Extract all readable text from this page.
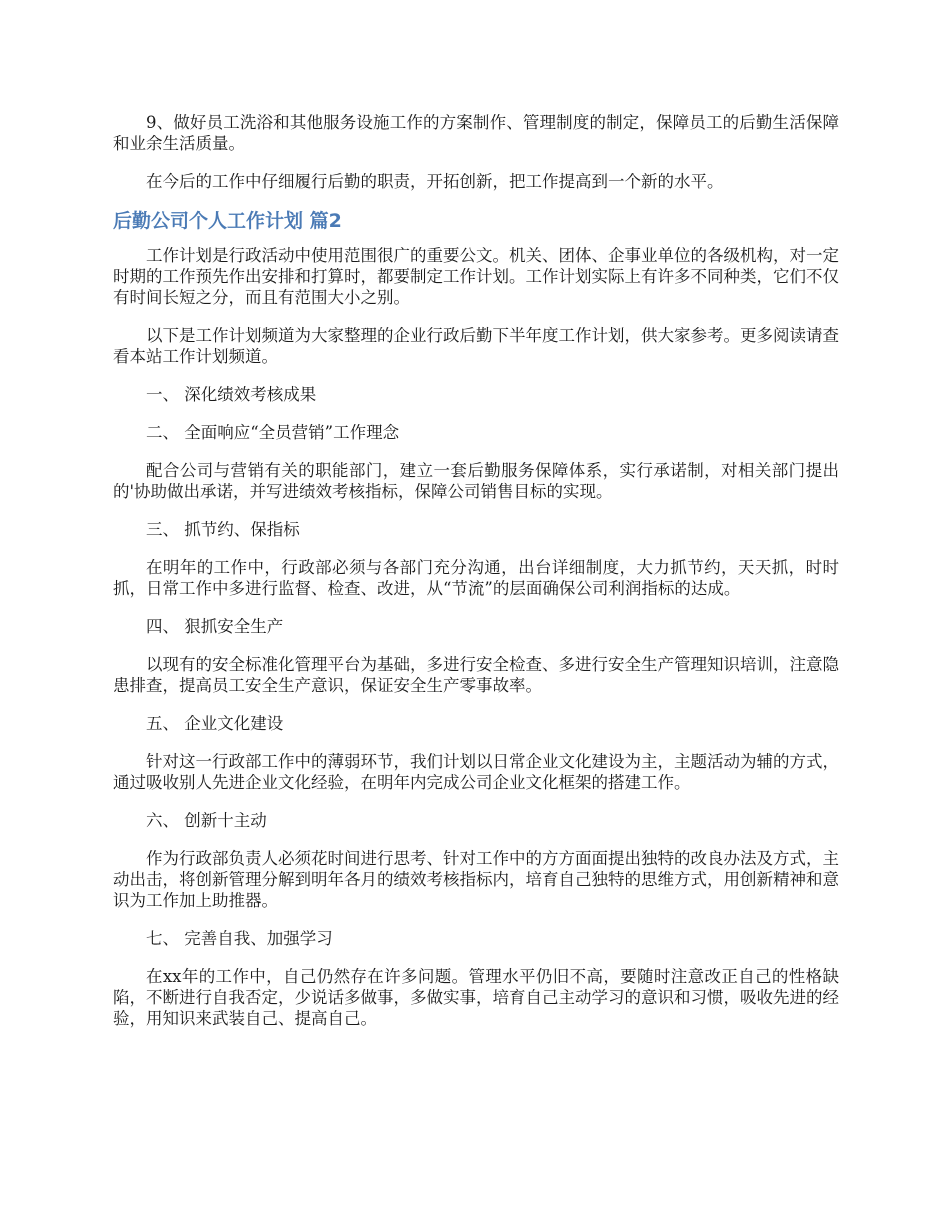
9、做好员工洗浴和其他服务设施工作的方案制作、管理制度的制定，保障员工的后勤生活保障和业余生活质量。

在今后的工作中仔细履行后勤的职责，开拓创新，把工作提高到一个新的水平。

后勤公司个人工作计划 篇2

工作计划是行政活动中使用范围很广的重要公文。机关、团体、企事业单位的各级机构，对一定时期的工作预先作出安排和打算时，都要制定工作计划。工作计划实际上有许多不同种类，它们不仅有时间长短之分，而且有范围大小之别。

以下是工作计划频道为大家整理的企业行政后勤下半年度工作计划，供大家参考。更多阅读请查看本站工作计划频道。

一、 深化绩效考核成果

二、 全面响应“全员营销”工作理念

配合公司与营销有关的职能部门，建立一套后勤服务保障体系，实行承诺制，对相关部门提出的'协助做出承诺，并写进绩效考核指标，保障公司销售目标的实现。

三、 抓节约、保指标

在明年的工作中，行政部必须与各部门充分沟通，出台详细制度，大力抓节约，天天抓，时时抓，日常工作中多进行监督、检查、改进，从“节流”的层面确保公司利润指标的达成。

四、 狠抓安全生产

以现有的安全标准化管理平台为基础，多进行安全检查、多进行安全生产管理知识培训，注意隐患排查，提高员工安全生产意识，保证安全生产零事故率。

五、 企业文化建设

针对这一行政部工作中的薄弱环节，我们计划以日常企业文化建设为主，主题活动为辅的方式，通过吸收别人先进企业文化经验，在明年内完成公司企业文化框架的搭建工作。

六、 创新十主动

作为行政部负责人必须花时间进行思考、针对工作中的方方面面提出独特的改良办法及方式，主动出击，将创新管理分解到明年各月的绩效考核指标内，培育自己独特的思维方式，用创新精神和意识为工作加上助推器。

七、 完善自我、加强学习

在xx年的工作中，自己仍然存在许多问题。管理水平仍旧不高，要随时注意改正自己的性格缺陷，不断进行自我否定，少说话多做事，多做实事，培育自己主动学习的意识和习惯，吸收先进的经验，用知识来武装自己、提高自己。
